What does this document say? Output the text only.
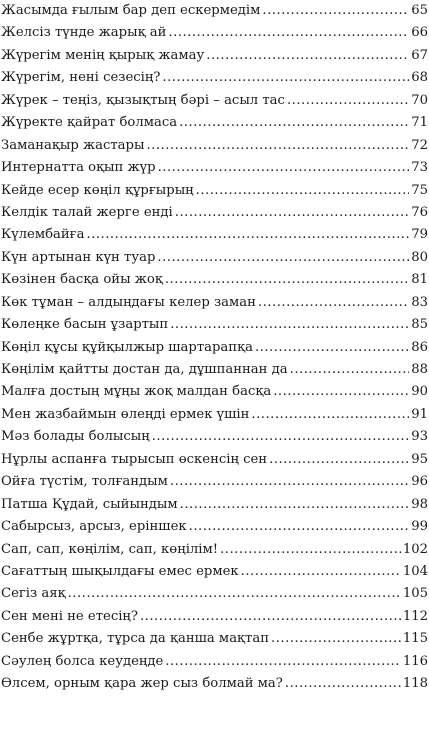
Жасымда ғылым бар деп ескермедім .....	65
Желсіз түнде жарық ай .....	66
Жүрегім менің қырық жамау .....	67
Жүрегім, нені сезесің? .....	68
Жүрек – теңіз, қызықтың бәрі – асыл тас .....	70
Жүректе қайрат болмаса .....	71
Заманақыр жастары .....	72
Интернатта оқып жүр .....	73
Кейде есер көңіл құрғырың .....	75
Келдік талай жерге енді .....	76
Күлембайға .....	79
Күн артынан күн туар .....	80
Көзінен басқа ойы жоқ .....	81
Көк тұман – алдыңдағы келер заман .....	83
Көлеңке басын ұзартып .....	85
Көңіл құсы құйқылжыр шартарапқа .....	86
Көңілім қайтты достан да, дұшпаннан да .....	88
Малға достың мұңы жоқ малдан басқа .....	90
Мен жазбаймын өлеңді ермек үшін .....	91
Мәз болады болысың .....	93
Нұрлы аспанға тырысып өскенсің сен .....	95
Ойға түстім, толғандым .....	96
Патша Құдай, сыйындым .....	98
Сабырсыз, арсыз, ерiншек .....	99
Сап, сап, көңілім, сап, көңілім! .....	102
Сағаттың шықылдағы емес ермек .....	104
Сегіз аяқ .....	105
Сен мені не етесің? .....	112
Сенбе жұртқа, тұрса да қанша мақтап .....	115
Сәулең болса кеудеңде .....	116
Өлсем, орным қара жер сыз болмай ма? .....	118
